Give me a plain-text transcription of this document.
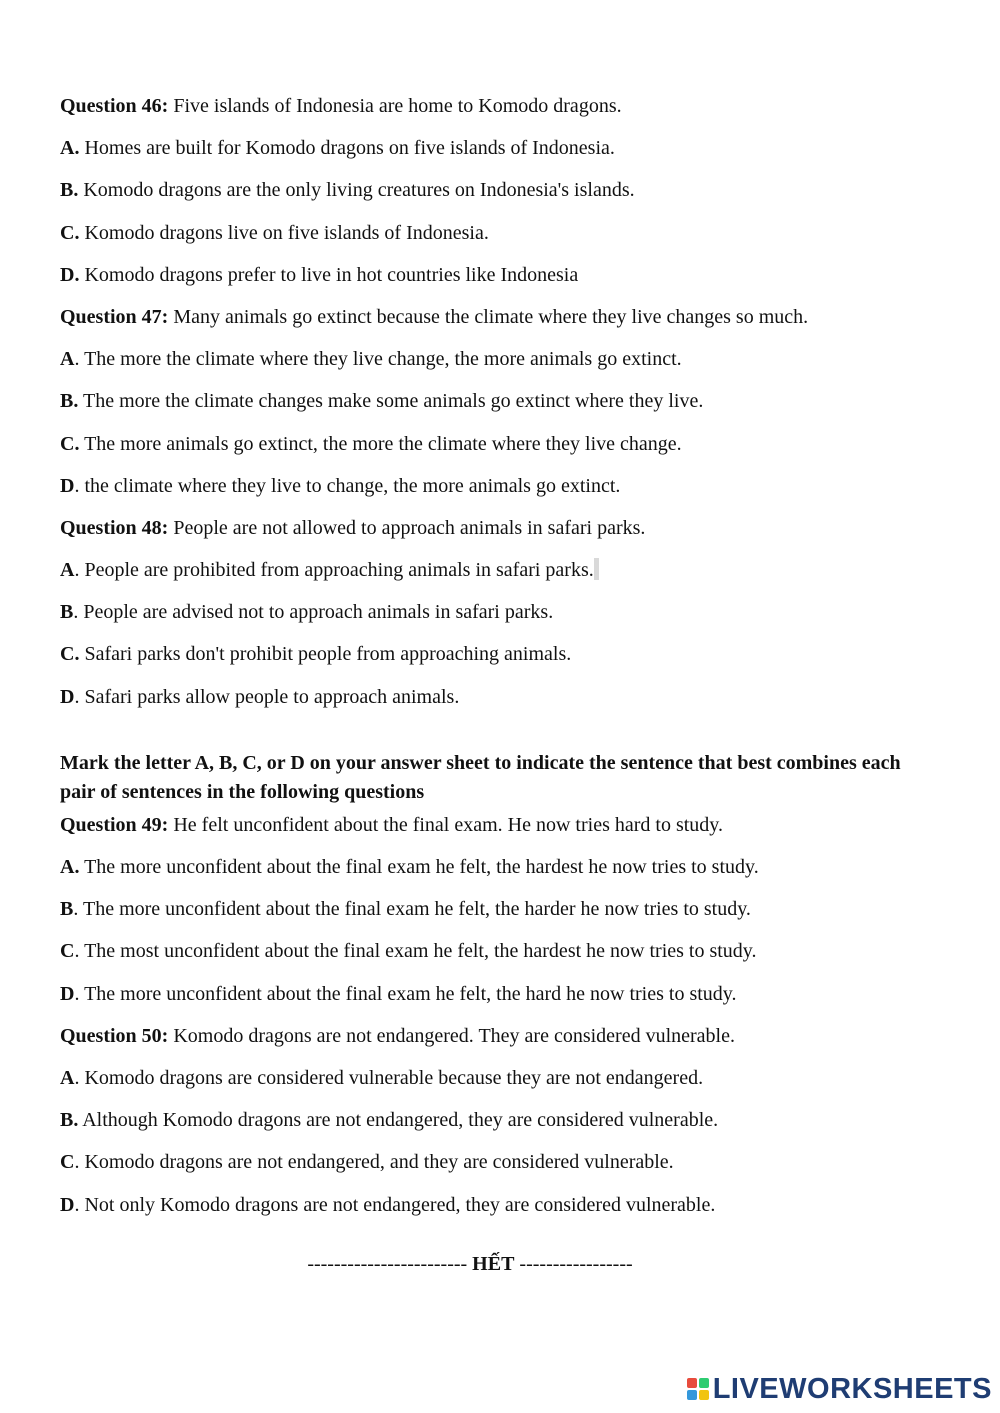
Question 46: Five islands of Indonesia are home to Komodo dragons.
A. Homes are built for Komodo dragons on five islands of Indonesia.
B. Komodo dragons are the only living creatures on Indonesia's islands.
C. Komodo dragons live on five islands of Indonesia.
D. Komodo dragons prefer to live in hot countries like Indonesia
Question 47: Many animals go extinct because the climate where they live changes so much.
A. The more the climate where they live change, the more animals go extinct.
B. The more the climate changes make some animals go extinct where they live.
C. The more animals go extinct, the more the climate where they live change.
D. the climate where they live to change, the more animals go extinct.
Question 48: People are not allowed to approach animals in safari parks.
A. People are prohibited from approaching animals in safari parks.
B. People are advised not to approach animals in safari parks.
C. Safari parks don't prohibit people from approaching animals.
D. Safari parks allow people to approach animals.
Mark the letter A, B, C, or D on your answer sheet to indicate the sentence that best combines each pair of sentences in the following questions
Question 49: He felt unconfident about the final exam. He now tries hard to study.
A. The more unconfident about the final exam he felt, the hardest he now tries to study.
B. The more unconfident about the final exam he felt, the harder he now tries to study.
C. The most unconfident about the final exam he felt, the hardest he now tries to study.
D. The more unconfident about the final exam he felt, the hard he now tries to study.
Question 50: Komodo dragons are not endangered. They are considered vulnerable.
A. Komodo dragons are considered vulnerable because they are not endangered.
B. Although Komodo dragons are not endangered, they are considered vulnerable.
C. Komodo dragons are not endangered, and they are considered vulnerable.
D. Not only Komodo dragons are not endangered, they are considered vulnerable.
------------------------ HẾT -----------------
LIVEWORKSHEETS
